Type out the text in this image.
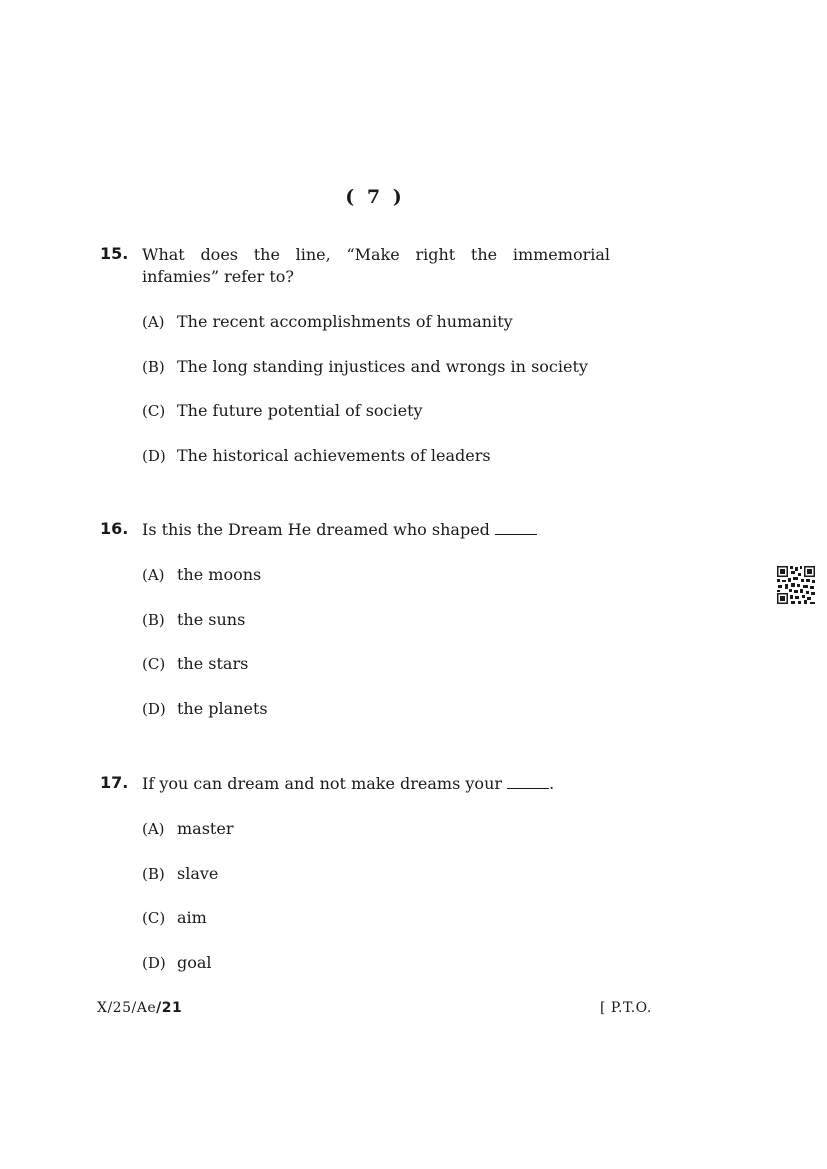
( 7 )
15. What does the line, “Make right the immemorial
infamies” refer to?
(A) The recent accomplishments of humanity
(B) The long standing injustices and wrongs in society
(C) The future potential of society
(D) The historical achievements of leaders
16. Is this the Dream He dreamed who shaped
(A) the moons
(B) the suns
(C) the stars
(D) the planets
17. If you can dream and not make dreams your	.
(A) master
(B) slave
(C) aim
(D) goal
X/25/Ae/21	[ P.T.O.
